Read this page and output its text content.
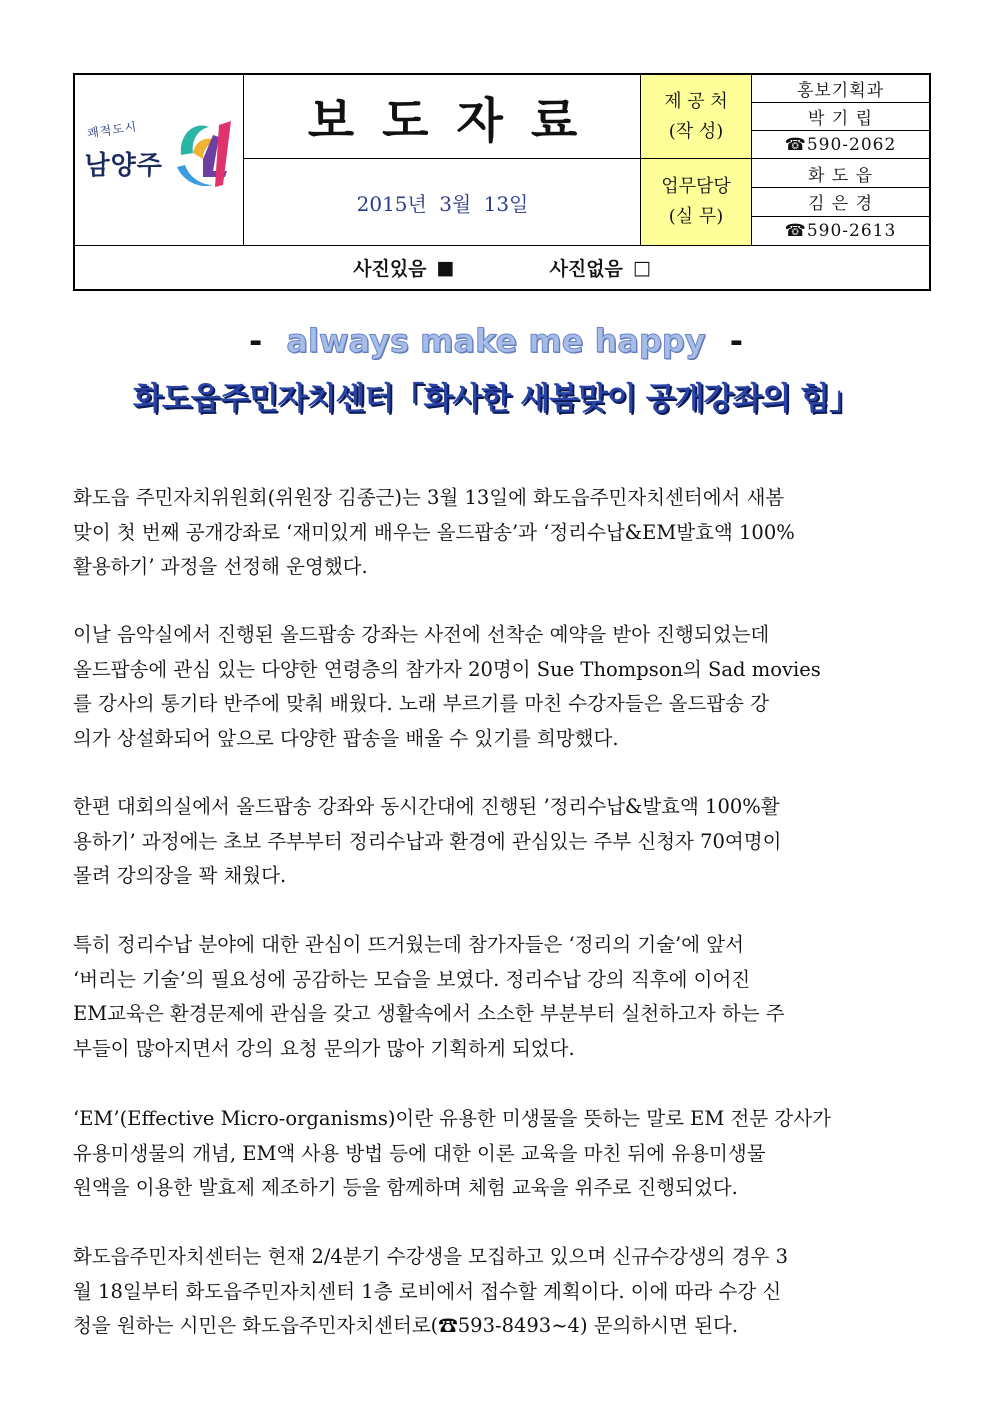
쾌적도시
남양주
보도자료
2015년 3월 13일
제 공 처
(작 성)
업무담당
(실 무)
홍보기획과
박 기 립
☎590-2062
화 도 읍
김 은 경
☎590-2613
사진있음 ■	사진없음 □
- always make me happy -
화도읍주민자치센터「화사한 새봄맞이 공개강좌의 힘」
화도읍 주민자치위원회(위원장 김종근)는 3월 13일에 화도읍주민자치센터에서 새봄
맞이 첫 번째 공개강좌로 ‘재미있게 배우는 올드팝송’과 ‘정리수납&EM발효액 100%
활용하기’ 과정을 선정해 운영했다.
이날 음악실에서 진행된 올드팝송 강좌는 사전에 선착순 예약을 받아 진행되었는데
올드팝송에 관심 있는 다양한 연령층의 참가자 20명이 Sue Thompson의 Sad movies
를 강사의 통기타 반주에 맞춰 배웠다. 노래 부르기를 마친 수강자들은 올드팝송 강
의가 상설화되어 앞으로 다양한 팝송을 배울 수 있기를 희망했다.
한편 대회의실에서 올드팝송 강좌와 동시간대에 진행된 ’정리수납&발효액 100%활
용하기’ 과정에는 초보 주부부터 정리수납과 환경에 관심있는 주부 신청자 70여명이
몰려 강의장을 꽉 채웠다.
특히 정리수납 분야에 대한 관심이 뜨거웠는데 참가자들은 ‘정리의 기술’에 앞서
‘버리는 기술’의 필요성에 공감하는 모습을 보였다. 정리수납 강의 직후에 이어진
EM교육은 환경문제에 관심을 갖고 생활속에서 소소한 부분부터 실천하고자 하는 주
부들이 많아지면서 강의 요청 문의가 많아 기획하게 되었다.
‘EM’(Effective Micro-organisms)이란 유용한 미생물을 뜻하는 말로 EM 전문 강사가
유용미생물의 개념, EM액 사용 방법 등에 대한 이론 교육을 마친 뒤에 유용미생물
원액을 이용한 발효제 제조하기 등을 함께하며 체험 교육을 위주로 진행되었다.
화도읍주민자치센터는 현재 2/4분기 수강생을 모집하고 있으며 신규수강생의 경우 3
월 18일부터 화도읍주민자치센터 1층 로비에서 접수할 계획이다. 이에 따라 수강 신
청을 원하는 시민은 화도읍주민자치센터로(☎593-8493~4) 문의하시면 된다.
